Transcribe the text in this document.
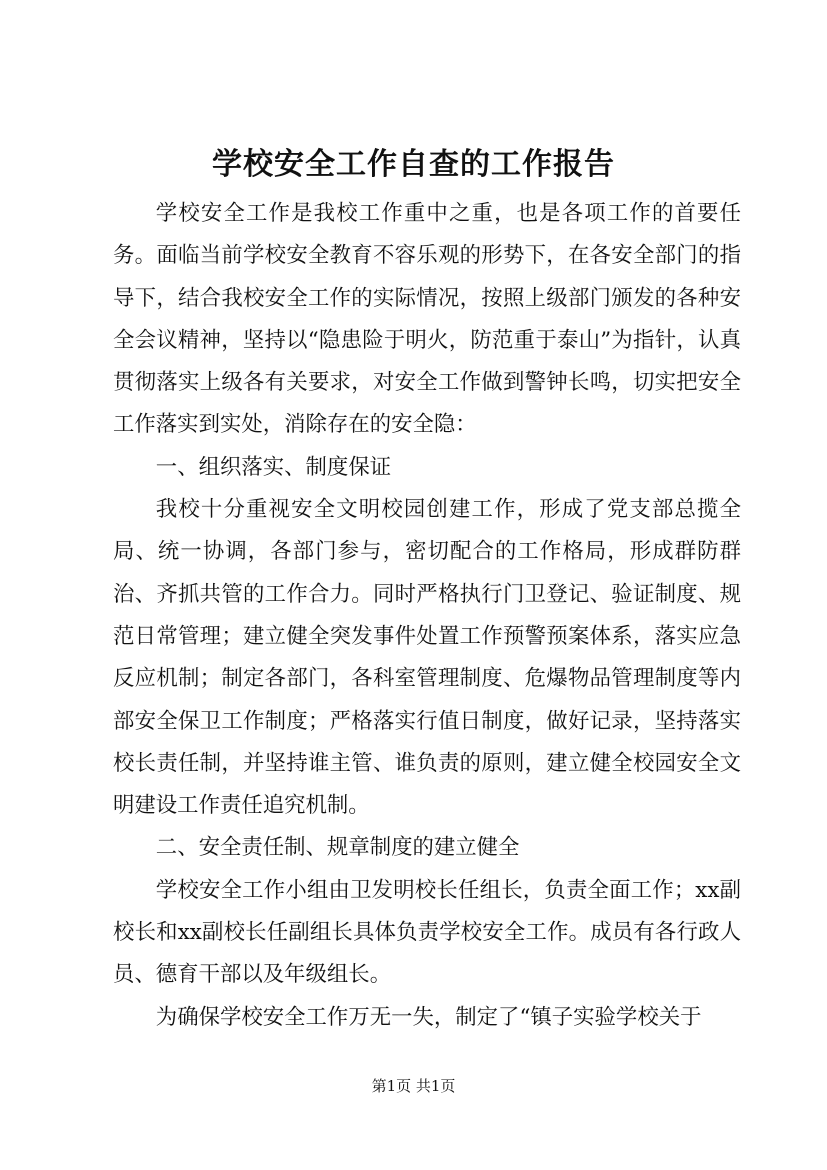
学校安全工作自查的工作报告

学校安全工作是我校工作重中之重，也是各项工作的首要任务。面临当前学校安全教育不容乐观的形势下，在各安全部门的指导下，结合我校安全工作的实际情况，按照上级部门颁发的各种安全会议精神，坚持以“隐患险于明火，防范重于泰山”为指针，认真贯彻落实上级各有关要求，对安全工作做到警钟长鸣，切实把安全工作落实到实处，消除存在的安全隐：

一、组织落实、制度保证

我校十分重视安全文明校园创建工作，形成了党支部总揽全局、统一协调，各部门参与，密切配合的工作格局，形成群防群治、齐抓共管的工作合力。同时严格执行门卫登记、验证制度、规范日常管理；建立健全突发事件处置工作预警预案体系，落实应急反应机制；制定各部门，各科室管理制度、危爆物品管理制度等内部安全保卫工作制度；严格落实行值日制度，做好记录，坚持落实校长责任制，并坚持谁主管、谁负责的原则，建立健全校园安全文明建设工作责任追究机制。

二、安全责任制、规章制度的建立健全

学校安全工作小组由卫发明校长任组长，负责全面工作；xx副校长和xx副校长任副组长具体负责学校安全工作。成员有各行政人员、德育干部以及年级组长。

为确保学校安全工作万无一失，制定了“镇子实验学校关于

第1页 共1页
